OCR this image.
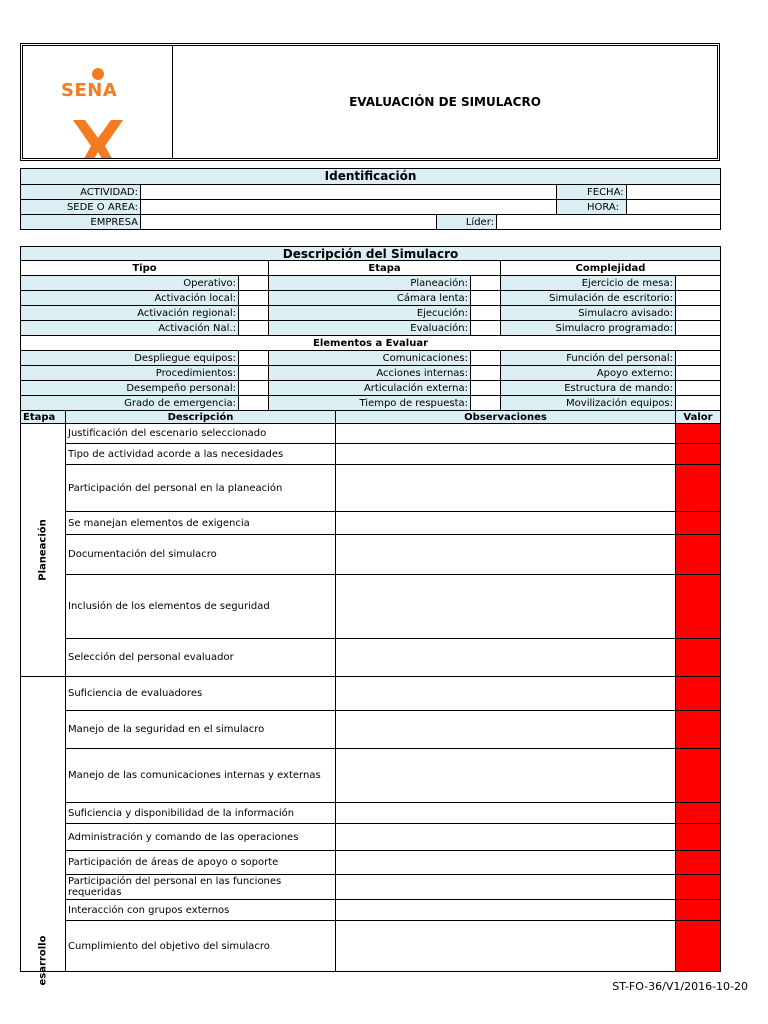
SENA
EVALUACIÓN DE SIMULACRO
Identificación					
ACTIVIDAD:				FECHA:	
SEDE O AREA:				HORA:	
EMPRESA		Líder:			
Descripción del Simulacro					
Tipo		Etapa		Complejidad	
Operativo:		Planeación:		Ejercicio de mesa:	
Activación local:		Cámara lenta:		Simulación de escritorio:	
Activación regional:		Ejecución:		Simulacro avisado:	
Activación Nal.:		Evaluación:		Simulacro programado:	
Elementos a Evaluar					
Despliegue equipos:		Comunicaciones:		Función del personal:	
Procedimientos:		Acciones internas:		Apoyo externo:	
Desempeño personal:		Articulación externa:		Estructura de mando:	
Grado de emergencia:		Tiempo de respuesta:		Movilización equipos:	
Etapa	Descripción	Observaciones	Valor

Planeación	Justificación del escenario seleccionado		
	Tipo de actividad acorde a las necesidades		
	Participación del personal en la planeación		
	Se manejan elementos de exigencia		
	Documentación del simulacro		
	Inclusión de los elementos de seguridad		
	Selección del personal evaluador		

esarrollo	Suficiencia de evaluadores		
	Manejo de la seguridad en el simulacro		
	Manejo de las comunicaciones internas y externas		
	Suficiencia y disponibilidad de la información		
	Administración y comando de las operaciones		
	Participación de áreas de apoyo o soporte		
	Participación del personal en las funciones requeridas		
	Interacción con grupos externos		
	Cumplimiento del objetivo del simulacro		
ST-FO-36/V1/2016-10-20
